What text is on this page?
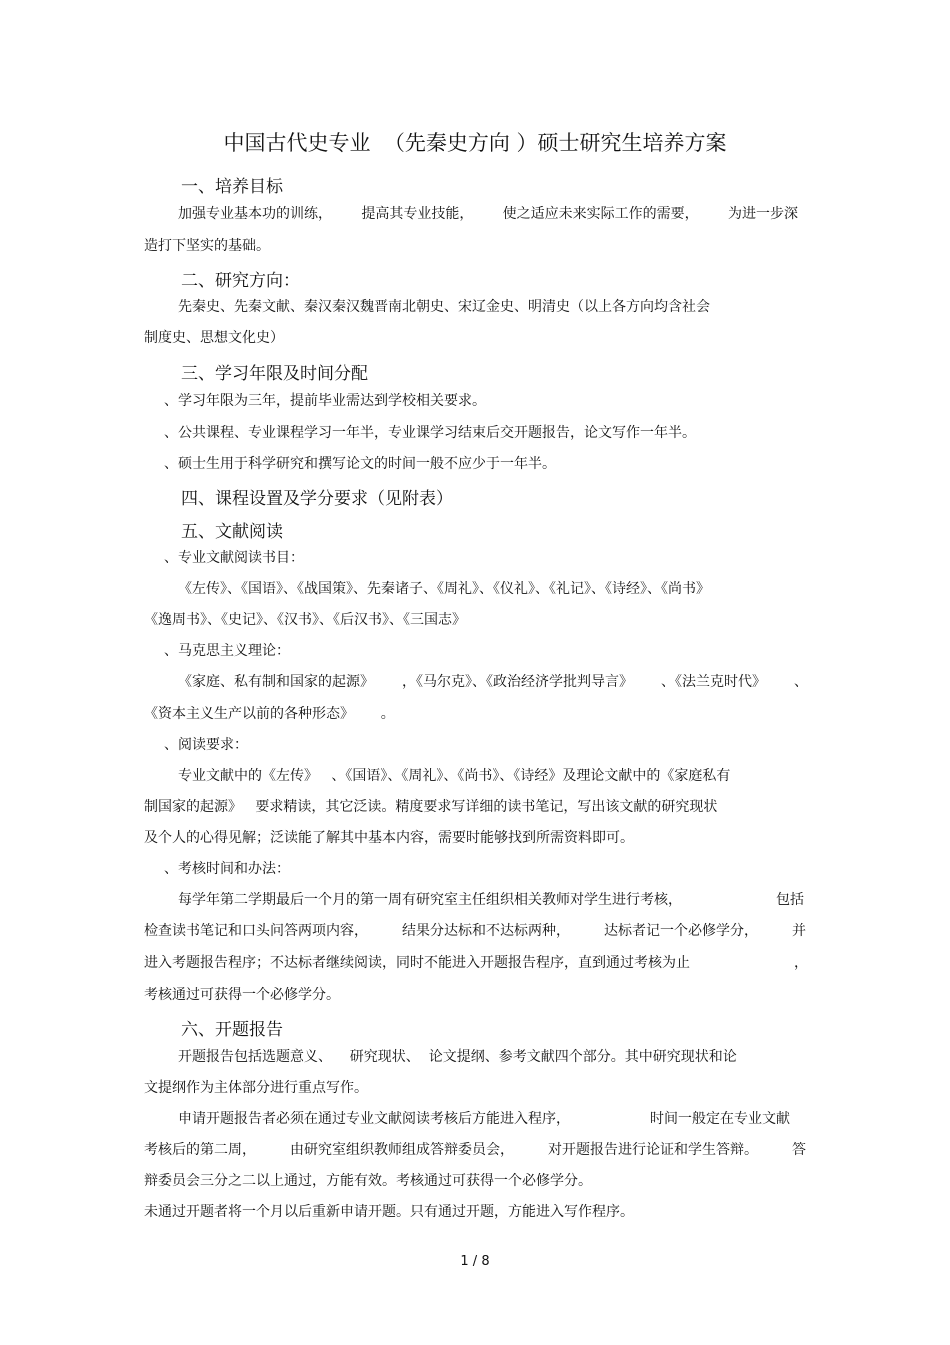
中国古代史专业  （先秦史方向 ）硕士研究生培养方案
一、培养目标
加强专业基本功的训练， 提高其专业技能， 使之适应未来实际工作的需要， 为进一步深
造打下坚实的基础。
二、研究方向：
先秦史、先秦文献、秦汉秦汉魏晋南北朝史、宋辽金史、明清史（以上各方向均含社会
制度史、思想文化史）
三、学习年限及时间分配
、学习年限为三年，提前毕业需达到学校相关要求。
、公共课程、专业课程学习一年半，专业课学习结束后交开题报告，论文写作一年半。
、硕士生用于科学研究和撰写论文的时间一般不应少于一年半。
四、课程设置及学分要求（见附表）
五、文献阅读
、专业文献阅读书目：
《左传》、《国语》、《战国策》、先秦诸子、《周礼》、《仪礼》、《礼记》、《诗经》、《尚书》
《逸周书》、《史记》、《汉书》、《后汉书》、《三国志》
、马克思主义理论：
《家庭、私有制和国家的起源》 ，《马尔克》、《政治经济学批判导言》 、《法兰克时代》 、
《资本主义生产以前的各种形态》      。
、阅读要求：
专业文献中的《左传》   、《国语》、《周礼》、《尚书》、《诗经》及理论文献中的《家庭私有
制国家的起源》   要求精读，其它泛读。精度要求写详细的读书笔记，写出该文献的研究现状
及个人的心得见解；泛读能了解其中基本内容，需要时能够找到所需资料即可。
、考核时间和办法：
每学年第二学期最后一个月的第一周有研究室主任组织相关教师对学生进行考核，	包括
检查读书笔记和口头问答两项内容， 结果分达标和不达标两种， 达标者记一个必修学分， 并
进入考题报告程序；不达标者继续阅读，同时不能进入开题报告程序，直到通过考核为止	，
考核通过可获得一个必修学分。
六、开题报告
开题报告包括选题意义、    研究现状、  论文提纲、参考文献四个部分。其中研究现状和论
文提纲作为主体部分进行重点写作。
申请开题报告者必须在通过专业文献阅读考核后方能进入程序，	时间一般定在专业文献
考核后的第二周， 由研究室组织教师组成答辩委员会， 对开题报告进行论证和学生答辩。 答
辩委员会三分之二以上通过，方能有效。考核通过可获得一个必修学分。
未通过开题者将一个月以后重新申请开题。只有通过开题，方能进入写作程序。
1 / 8
